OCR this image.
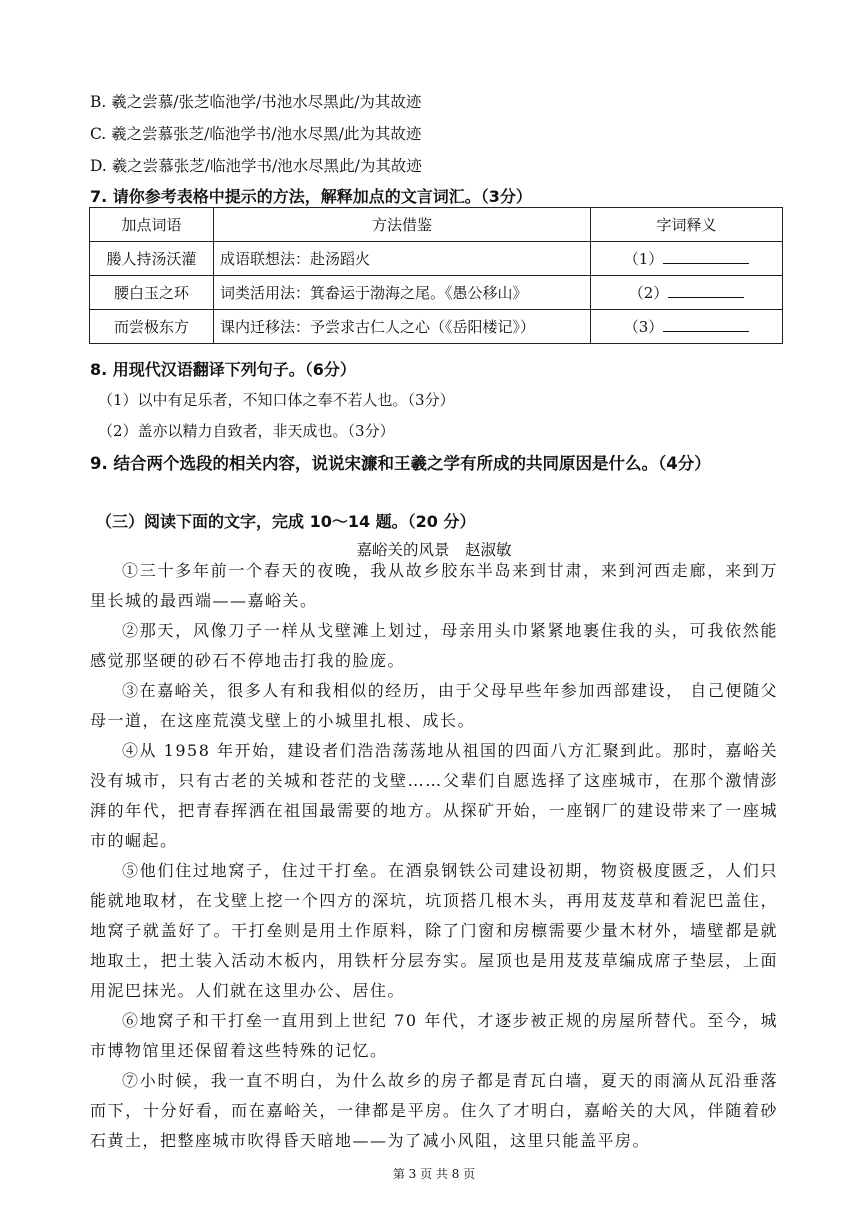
B. 羲之尝慕/张芝临池学/书池水尽黑此/为其故迹
C. 羲之尝慕张芝/临池学书/池水尽黑/此为其故迹
D. 羲之尝慕张芝/临池学书/池水尽黑此/为其故迹
7. 请你参考表格中提示的方法，解释加点的文言词汇。（3分）
加点词语	方法借鉴	字词释义
媵人持汤沃灌	成语联想法：赴汤蹈火	（1）
腰白玉之环	词类活用法：箕畚运于渤海之尾。《愚公移山》	（2）
而尝极东方	课内迁移法：予尝求古仁人之心（《岳阳楼记》）	（3）
8. 用现代汉语翻译下列句子。（6分）
（1）以中有足乐者，不知口体之奉不若人也。（3分）
（2）盖亦以精力自致者，非天成也。（3分）
9. 结合两个选段的相关内容，说说宋濂和王羲之学有所成的共同原因是什么。（4分）
（三）阅读下面的文字，完成 10～14 题。（20 分）
嘉峪关的风景　赵淑敏

①三十多年前一个春天的夜晚，我从故乡胶东半岛来到甘肃，来到河西走廊，来到万里长城的最西端——嘉峪关。

②那天，风像刀子一样从戈壁滩上划过，母亲用头巾紧紧地裹住我的头，可我依然能感觉那坚硬的砂石不停地击打我的脸庞。

③在嘉峪关，很多人有和我相似的经历，由于父母早些年参加西部建设， 自己便随父母一道，在这座荒漠戈壁上的小城里扎根、成长。

④从 1958 年开始，建设者们浩浩荡荡地从祖国的四面八方汇聚到此。那时，嘉峪关没有城市，只有古老的关城和苍茫的戈壁……父辈们自愿选择了这座城市，在那个激情澎湃的年代，把青春挥洒在祖国最需要的地方。从探矿开始，一座钢厂的建设带来了一座城市的崛起。

⑤他们住过地窝子，住过干打垒。在酒泉钢铁公司建设初期，物资极度匮乏，人们只能就地取材，在戈壁上挖一个四方的深坑，坑顶搭几根木头，再用芨芨草和着泥巴盖住，地窝子就盖好了。干打垒则是用土作原料，除了门窗和房檩需要少量木材外，墙壁都是就地取土，把土装入活动木板内，用铁杆分层夯实。屋顶也是用芨芨草编成席子垫层，上面用泥巴抹光。人们就在这里办公、居住。

⑥地窝子和干打垒一直用到上世纪 70 年代，才逐步被正规的房屋所替代。至今，城市博物馆里还保留着这些特殊的记忆。

⑦小时候，我一直不明白，为什么故乡的房子都是青瓦白墙，夏天的雨滴从瓦沿垂落而下，十分好看，而在嘉峪关，一律都是平房。住久了才明白，嘉峪关的大风，伴随着砂石黄土，把整座城市吹得昏天暗地——为了减小风阻，这里只能盖平房。

第 3 页 共 8 页
